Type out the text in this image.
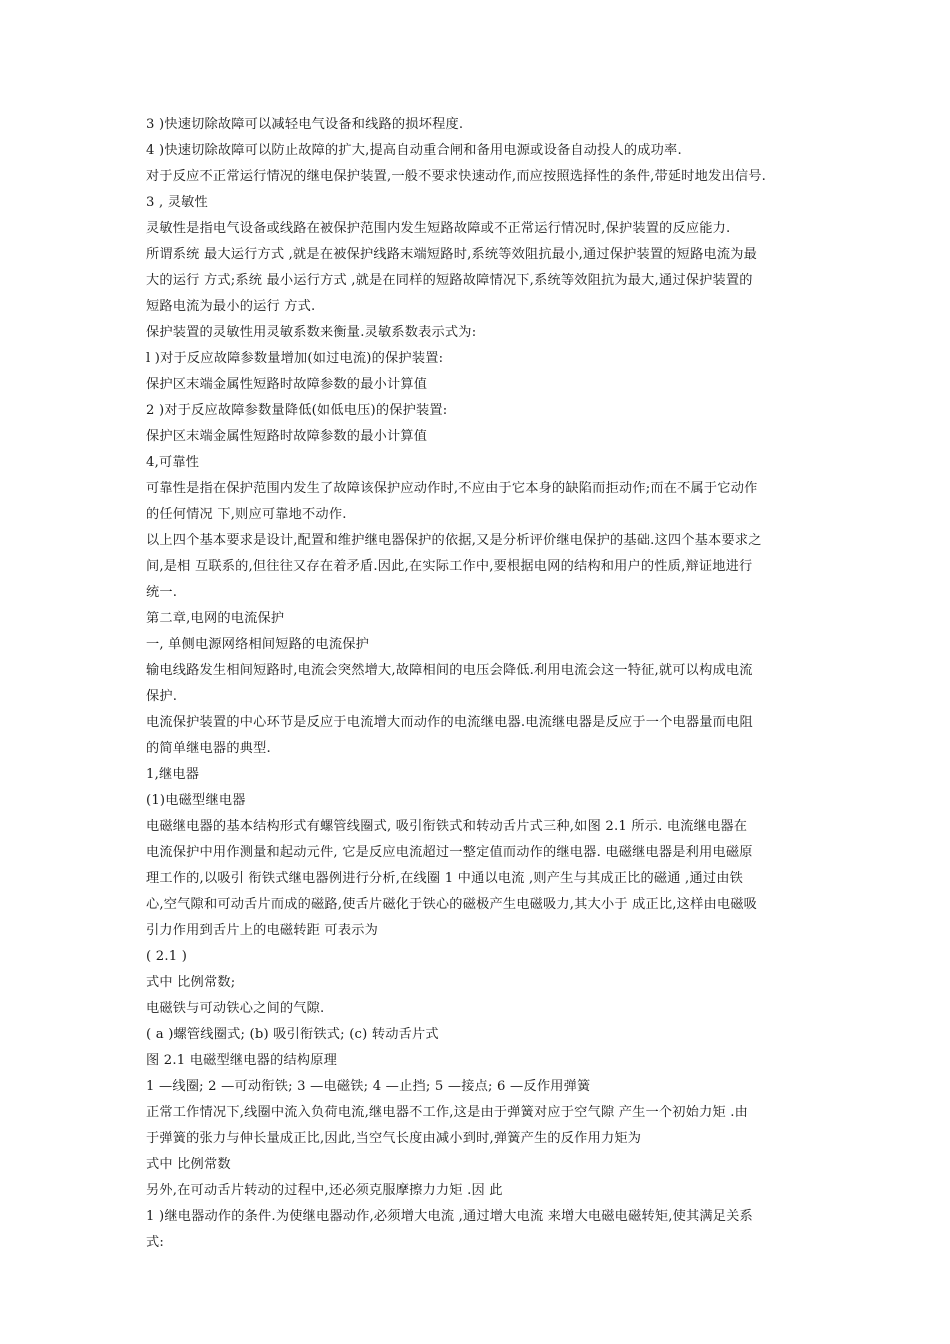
3 )快速切除故障可以减轻电气设备和线路的损坏程度.
4 )快速切除故障可以防止故障的扩大,提高自动重合闸和备用电源或设备自动投人的成功率.
对于反应不正常运行情况的继电保护装置,一般不要求快速动作,而应按照选择性的条件,带延时地发出信号.
3 , 灵敏性
灵敏性是指电气设备或线路在被保护范围内发生短路故障或不正常运行情况时,保护装置的反应能力.
所谓系统 最大运行方式 ,就是在被保护线路末端短路时,系统等效阻抗最小,通过保护装置的短路电流为最
大的运行 方式;系统 最小运行方式 ,就是在同样的短路故障情况下,系统等效阻抗为最大,通过保护装置的
短路电流为最小的运行 方式.
保护装置的灵敏性用灵敏系数来衡量.灵敏系数表示式为:
l )对于反应故障参数量增加(如过电流)的保护装置:
保护区末端金属性短路时故障参数的最小计算值
2 )对于反应故障参数量降低(如低电压)的保护装置:
保护区末端金属性短路时故障参数的最小计算值
4,可靠性
可靠性是指在保护范围内发生了故障该保护应动作时,不应由于它本身的缺陷而拒动作;而在不属于它动作
的任何情况 下,则应可靠地不动作.
以上四个基本要求是设计,配置和维护继电器保护的依据,又是分析评价继电保护的基础.这四个基本要求之
间,是相 互联系的,但往往又存在着矛盾.因此,在实际工作中,要根据电网的结构和用户的性质,辩证地进行
统一.
第二章,电网的电流保护
一, 单侧电源网络相间短路的电流保护
输电线路发生相间短路时,电流会突然增大,故障相间的电压会降低.利用电流会这一特征,就可以构成电流
保护.
电流保护装置的中心环节是反应于电流增大而动作的电流继电器.电流继电器是反应于一个电器量而电阻
的简单继电器的典型.
1,继电器
(1)电磁型继电器
电磁继电器的基本结构形式有螺管线圈式, 吸引衔铁式和转动舌片式三种,如图 2.1 所示. 电流继电器在
电流保护中用作测量和起动元件, 它是反应电流超过一整定值而动作的继电器. 电磁继电器是利用电磁原
理工作的,以吸引 衔铁式继电器例进行分析,在线圈 1 中通以电流 ,则产生与其成正比的磁通 ,通过由铁
心,空气隙和可动舌片而成的磁路,使舌片磁化于铁心的磁极产生电磁吸力,其大小于 成正比,这样由电磁吸
引力作用到舌片上的电磁转距 可表示为
( 2.1 )
式中 比例常数;
电磁铁与可动铁心之间的气隙.
( a )螺管线圈式; (b) 吸引衔铁式; (c) 转动舌片式
图 2.1 电磁型继电器的结构原理
1 —线圈; 2 —可动衔铁; 3 —电磁铁; 4 —止挡; 5 —接点; 6 —反作用弹簧
正常工作情况下,线圈中流入负荷电流,继电器不工作,这是由于弹簧对应于空气隙 产生一个初始力矩 .由
于弹簧的张力与伸长量成正比,因此,当空气长度由减小到时,弹簧产生的反作用力矩为
式中 比例常数
另外,在可动舌片转动的过程中,还必须克服摩擦力力矩 .因 此
1 )继电器动作的条件.为使继电器动作,必须增大电流 ,通过增大电流 来增大电磁电磁转矩,使其满足关系
式:
